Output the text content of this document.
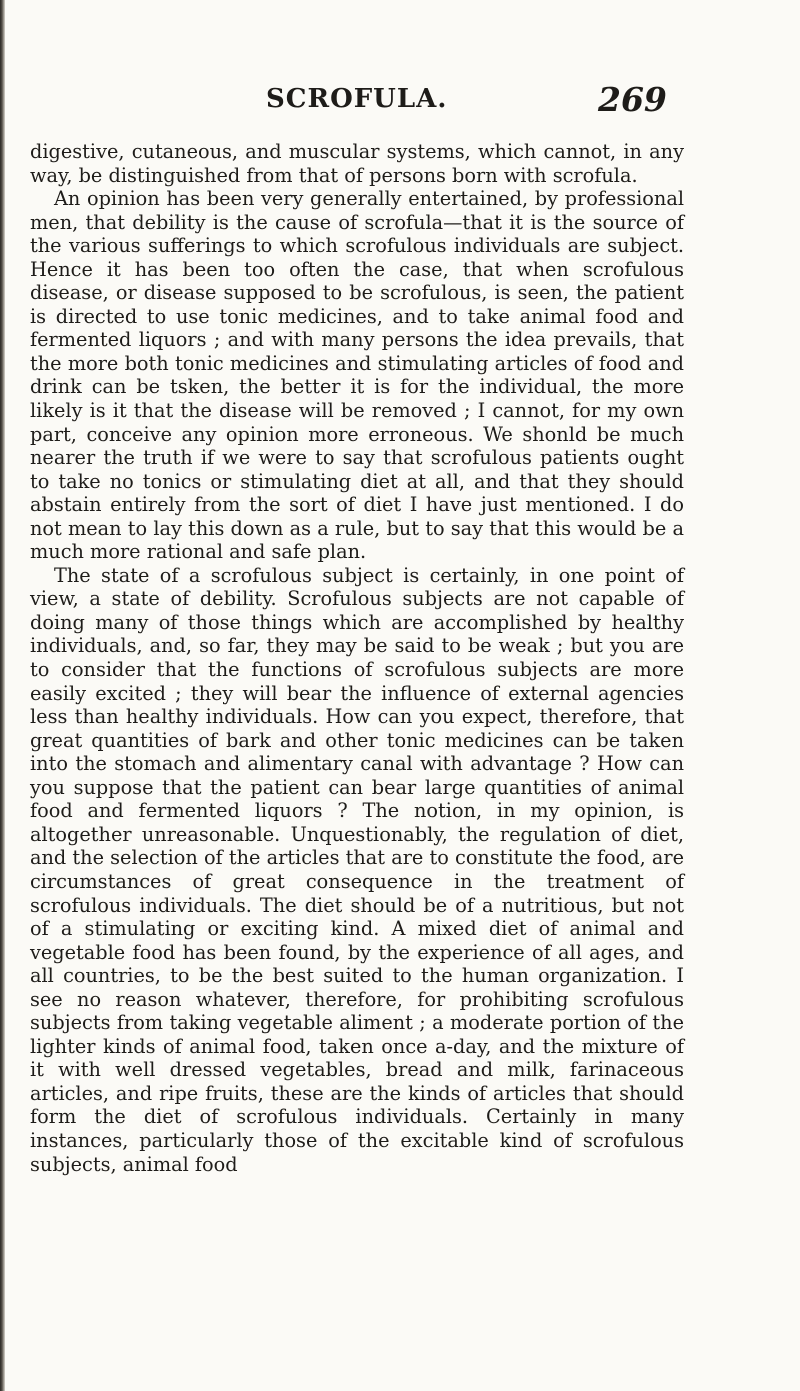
SCROFULA.	269

digestive, cutaneous, and muscular systems, which cannot, in any way, be distinguished from that of persons born with scrofula.

An opinion has been very generally entertained, by professional men, that debility is the cause of scrofula—that it is the source of the various sufferings to which scrofulous individuals are subject. Hence it has been too often the case, that when scrofulous disease, or disease supposed to be scrofulous, is seen, the patient is directed to use tonic medicines, and to take animal food and fermented liquors ; and with many persons the idea prevails, that the more both tonic medicines and stimulating articles of food and drink can be tsken, the better it is for the individual, the more likely is it that the disease will be removed ; I cannot, for my own part, conceive any opinion more erroneous. We shonld be much nearer the truth if we were to say that scrofulous patients ought to take no tonics or stimulating diet at all, and that they should abstain entirely from the sort of diet I have just mentioned. I do not mean to lay this down as a rule, but to say that this would be a much more rational and safe plan.

The state of a scrofulous subject is certainly, in one point of view, a state of debility. Scrofulous subjects are not capable of doing many of those things which are accomplished by healthy individuals, and, so far, they may be said to be weak ; but you are to consider that the functions of scrofulous subjects are more easily excited ; they will bear the influence of external agencies less than healthy individuals. How can you expect, therefore, that great quantities of bark and other tonic medicines can be taken into the stomach and alimentary canal with advantage ? How can you suppose that the patient can bear large quantities of animal food and fermented liquors ? The notion, in my opinion, is altogether unreasonable. Unquestionably, the regulation of diet, and the selection of the articles that are to constitute the food, are circumstances of great consequence in the treatment of scrofulous individuals. The diet should be of a nutritious, but not of a stimulating or exciting kind. A mixed diet of animal and vegetable food has been found, by the experience of all ages, and all countries, to be the best suited to the human organization. I see no reason whatever, therefore, for prohibiting scrofulous subjects from taking vegetable aliment ; a moderate portion of the lighter kinds of animal food, taken once a-day, and the mixture of it with well dressed vegetables, bread and milk, farinaceous articles, and ripe fruits, these are the kinds of articles that should form the diet of scrofulous individuals. Certainly in many instances, particularly those of the excitable kind of scrofulous subjects, animal food
